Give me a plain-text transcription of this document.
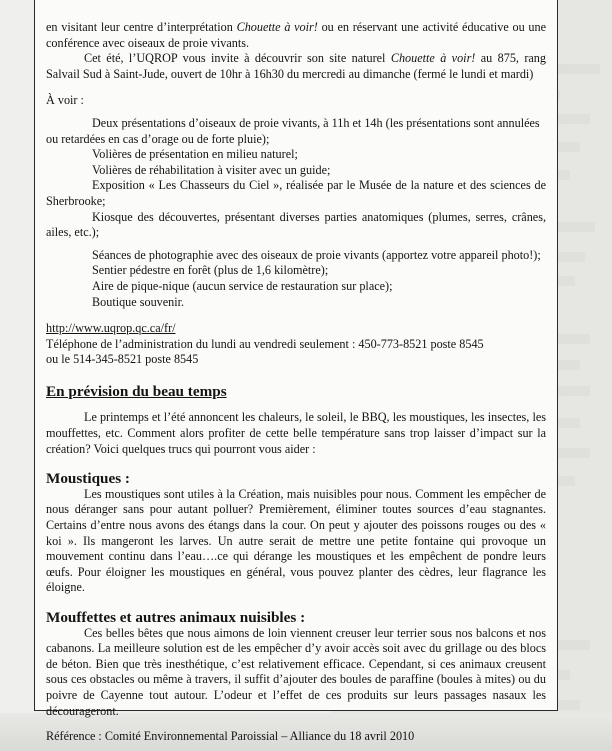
en visitant leur centre d’interprétation Chouette à voir! ou en réservant une activité éducative ou une conférence avec oiseaux de proie vivants.

Cet été, l’UQROP vous invite à découvrir son site naturel Chouette à voir! au 875, rang Salvail Sud à Saint-Jude, ouvert de 10hr à 16h30 du mercredi au dimanche (fermé le lundi et mardi)

À voir :

Deux présentations d’oiseaux de proie vivants, à 11h et 14h (les présentations sont annulées ou retardées en cas d’orage ou de forte pluie);

Volières de présentation en milieu naturel;

Volières de réhabilitation à visiter avec un guide;

Exposition « Les Chasseurs du Ciel », réalisée par le Musée de la nature et des sciences de Sherbrooke;

Kiosque des découvertes, présentant diverses parties anatomiques (plumes, serres, crânes, ailes, etc.);

Séances de photographie avec des oiseaux de proie vivants (apportez votre appareil photo!);

Sentier pédestre en forêt (plus de 1,6 kilomètre);

Aire de pique-nique (aucun service de restauration sur place);

Boutique souvenir.

http://www.uqrop.qc.ca/fr/

Téléphone de l’administration du lundi au vendredi seulement : 450-773-8521 poste 8545

ou le 514-345-8521 poste 8545

En prévision du beau temps

Le printemps et l’été annoncent les chaleurs, le soleil, le BBQ, les moustiques, les insectes, les mouffettes, etc. Comment alors profiter de cette belle température sans trop laisser d’impact sur la création? Voici quelques trucs qui pourront vous aider :

Moustiques :

Les moustiques sont utiles à la Création, mais nuisibles pour nous. Comment les empêcher de nous déranger sans pour autant polluer? Premièrement, éliminer toutes sources d’eau stagnantes. Certains d’entre nous avons des étangs dans la cour. On peut y ajouter des poissons rouges ou des « koi ». Ils mangeront les larves. Un autre serait de mettre une petite fontaine qui provoque un mouvement continu dans l’eau….ce qui dérange les moustiques et les empêchent de pondre leurs œufs. Pour éloigner les moustiques en général, vous pouvez planter des cèdres, leur flagrance les éloigne.

Mouffettes et autres animaux nuisibles :

Ces belles bêtes que nous aimons de loin viennent creuser leur terrier sous nos balcons et nos cabanons. La meilleure solution est de les empêcher d’y avoir accès soit avec du grillage ou des blocs de béton. Bien que très inesthétique, c’est relativement efficace. Cependant, si ces animaux creusent sous ces obstacles ou même à travers, il suffit d’ajouter des boules de paraffine (boules à mites) ou du poivre de Cayenne tout autour. L’odeur et l’effet de ces produits sur leurs passages nasaux les décourageront.

Référence : Comité Environnemental Paroissial – Alliance du 18 avril 2010
